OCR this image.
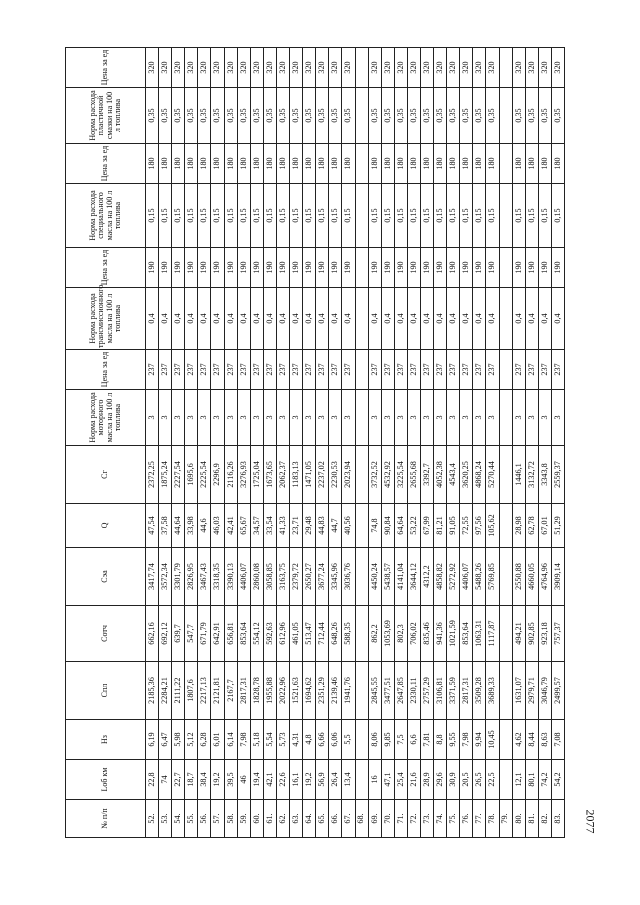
2077
№ п/п	Lоб км	Нз	Спл	Сотч	Сэа	Q	Сг	Норма расхода моторного масла на 100 л топлива	Цена за ед	Норма расхода трансмиссионного масла на 100 л топлива	Цена за ед	Норма расхода специального масла на 100 л топлива	Цена за ед	Норма расхода пластичной смазки на 100 л топлива	Цена за ед
52.	22,8	6,19	2185,36	662,16	3417,74	47,54	2372,25	3	237	0,4	190	0,15	180	0,35	320
53.	74	6,47	2284,21	692,12	3572,34	37,58	1875,24	3	237	0,4	190	0,15	180	0,35	320
54.	22,7	5,98	2111,22	639,7	3301,79	44,64	2227,54	3	237	0,4	190	0,15	180	0,35	320
55.	18,7	5,12	1807,6	547,7	2826,95	33,98	1695,6	3	237	0,4	190	0,15	180	0,35	320
56.	38,4	6,28	2217,13	671,79	3467,43	44,6	2225,54	3	237	0,4	190	0,15	180	0,35	320
57.	19,2	6,01	2121,81	642,91	3318,35	46,03	2296,9	3	237	0,4	190	0,15	180	0,35	320
58.	39,5	6,14	2167,7	656,81	3390,13	42,41	2116,26	3	237	0,4	190	0,15	180	0,35	320
59.	46	7,98	2817,31	853,64	4406,07	65,67	3276,93	3	237	0,4	190	0,15	180	0,35	320
60.	19,4	5,18	1828,78	554,12	2860,08	34,57	1725,04	3	237	0,4	190	0,15	180	0,35	320
61.	42,1	5,54	1955,88	592,63	3058,85	33,54	1673,65	3	237	0,4	190	0,15	180	0,35	320
62.	22,6	5,73	2022,96	612,96	3163,75	41,33	2062,37	3	237	0,4	190	0,15	180	0,35	320
63.	16,1	4,31	1521,63	461,05	2379,72	23,71	1183,13	3	237	0,4	190	0,15	180	0,35	320
64.	19,2	4,8	1694,62	513,47	2650,27	29,48	1471,05	3	237	0,4	190	0,15	180	0,35	320
65.	56,9	6,66	2351,29	712,44	3677,24	44,83	2237,02	3	237	0,4	190	0,15	180	0,35	320
66.	26,4	6,06	2139,46	648,26	3345,96	44,7	2230,53	3	237	0,4	190	0,15	180	0,35	320
67.	13,4	5,5	1941,76	588,35	3036,76	40,56	2023,94	3	237	0,4	190	0,15	180	0,35	320
68.															
69.	16	8,06	2845,55	862,2	4450,24	74,8	3732,52	3	237	0,4	190	0,15	180	0,35	320
70.	47,1	9,85	3477,51	1053,69	5438,57	90,84	4532,92	3	237	0,4	190	0,15	180	0,35	320
71.	25,4	7,5	2647,85	802,3	4141,04	64,64	3225,54	3	237	0,4	190	0,15	180	0,35	320
72.	21,6	6,6	2330,11	706,02	3644,12	53,22	2655,68	3	237	0,4	190	0,15	180	0,35	320
73.	28,9	7,81	2757,29	835,46	4312,2	67,99	3392,7	3	237	0,4	190	0,15	180	0,35	320
74.	29,6	8,8	3106,81	941,36	4858,82	81,21	4052,38	3	237	0,4	190	0,15	180	0,35	320
75.	30,9	9,55	3371,59	1021,59	5272,92	91,05	4543,4	3	237	0,4	190	0,15	180	0,35	320
76.	20,5	7,98	2817,31	853,64	4406,07	72,55	3620,25	3	237	0,4	190	0,15	180	0,35	320
77.	26,5	9,94	3509,28	1063,31	5488,26	97,56	4868,24	3	237	0,4	190	0,15	180	0,35	320
78.	22,5	10,45	3689,33	1117,87	5769,85	105,62	5270,44	3	237	0,4	190	0,15	180	0,35	320
79.															
80.	12,1	4,62	1631,07	494,21	2550,88	28,98	1446,1	3	237	0,4	190	0,15	180	0,35	320
81.	80,1	8,44	2979,71	902,85	4660,05	62,78	3132,72	3	237	0,4	190	0,15	180	0,35	320
82.	74,2	8,63	3046,79	923,18	4764,96	67,01	3343,8	3	237	0,4	190	0,15	180	0,35	320
83.	54,2	7,08	2499,57	757,37	3909,14	51,29	2559,37	3	237	0,4	190	0,15	180	0,35	320
